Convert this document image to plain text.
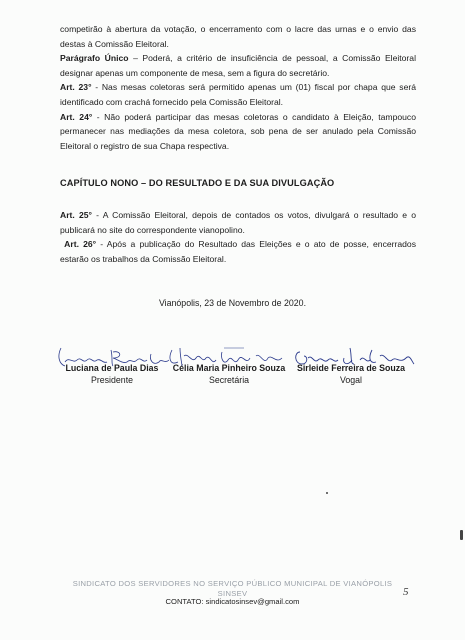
competirão à abertura da votação, o encerramento com o lacre das urnas e o envio das destas à Comissão Eleitoral.

Parágrafo Único – Poderá, a critério de insuficiência de pessoal, a Comissão Eleitoral designar apenas um componente de mesa, sem a figura do secretário.

Art. 23° - Nas mesas coletoras será permitido apenas um (01) fiscal por chapa que será identificado com crachá fornecido pela Comissão Eleitoral.

Art. 24° - Não poderá participar das mesas coletoras o candidato à Eleição, tampouco permanecer nas mediações da mesa coletora, sob pena de ser anulado pela Comissão Eleitoral o registro de sua Chapa respectiva.

CAPÍTULO NONO – DO RESULTADO E DA SUA DIVULGAÇÃO

Art. 25° - A Comissão Eleitoral, depois de contados os votos, divulgará o resultado e o publicará no site do correspondente vianopolino.

Art. 26° - Após a publicação do Resultado das Eleições e o ato de posse, encerrados estarão os trabalhos da Comissão Eleitoral.

Vianópolis, 23 de Novembro de 2020.
Luciana de Paula Dias
Presidente
Célia Maria Pinheiro Souza
Secretária
Sirleide Ferreira de Souza
Vogal
SINDICATO DOS SERVIDORES NO SERVIÇO PÚBLICO MUNICIPAL DE VIANÓPOLIS
SINSEV
CONTATO: sindicatosinsev@gmail.com
5
